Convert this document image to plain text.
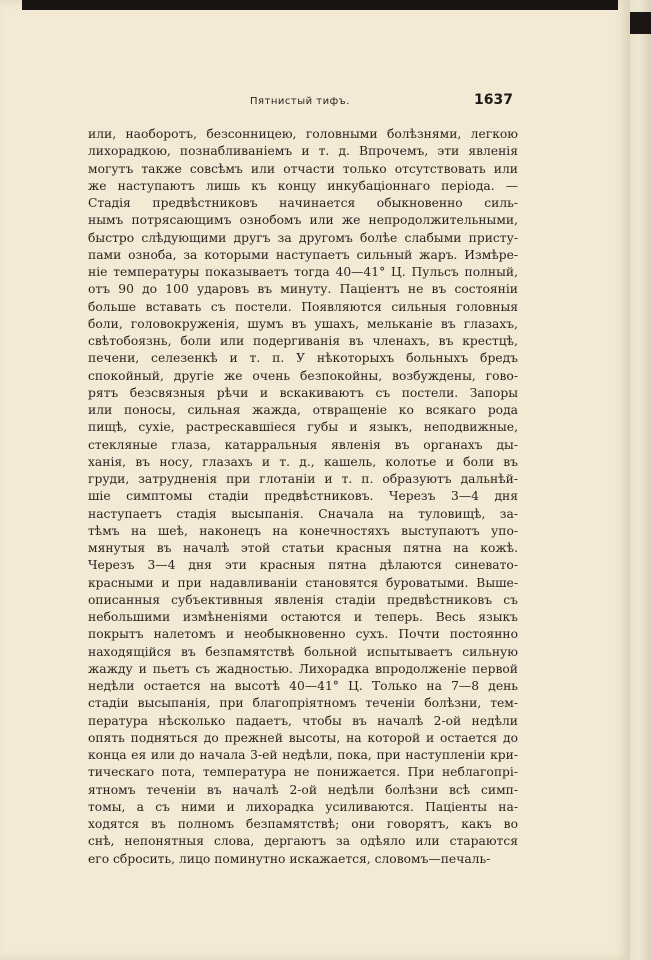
Пятнистый тифъ.	1637
или, наоборотъ, безсонницею, головными болѣзнями, легкою
лихорадкою, познабливаніемъ и т. д. Впрочемъ, эти явленія
могутъ также совсѣмъ или отчасти только отсутствовать или
же наступаютъ лишь къ концу инкубаціоннаго періода. —
Стадія предвѣстниковъ начинается обыкновенно силь-
нымъ потрясающимъ ознобомъ или же непродолжительными,
быстро слѣдующими другъ за другомъ болѣе слабыми присту-
пами озноба, за которыми наступаетъ сильный жаръ. Измѣре-
ніе температуры показываетъ тогда 40—41° Ц. Пульсъ полный,
отъ 90 до 100 ударовъ въ минуту. Паціентъ не въ состояніи
больше вставать съ постели. Появляются сильныя головныя
боли, головокруженія, шумъ въ ушахъ, мельканіе въ глазахъ,
свѣтобоязнь, боли или подергиванія въ членахъ, въ крестцѣ,
печени, селезенкѣ и т. п. У нѣкоторыхъ больныхъ бредъ
спокойный, другіе же очень безпокойны, возбуждены, гово-
рятъ безсвязныя рѣчи и вскакиваютъ съ постели. Запоры
или поносы, сильная жажда, отвращеніе ко всякаго рода
пищѣ, сухіе, растрескавшіеся губы и языкъ, неподвижные,
стекляные глаза, катарральныя явленія въ органахъ ды-
ханія, въ носу, глазахъ и т. д., кашель, колотье и боли въ
груди, затрудненія при глотаніи и т. п. образуютъ дальнѣй-
шіе симптомы стадіи предвѣстниковъ. Черезъ 3—4 дня
наступаетъ стадія высыпанія. Сначала на туловищѣ, за-
тѣмъ на шеѣ, наконецъ на конечностяхъ выступаютъ упо-
мянутыя въ началѣ этой статьи красныя пятна на кожѣ.
Черезъ 3—4 дня эти красныя пятна дѣлаются синевато-
красными и при надавливаніи становятся буроватыми. Выше-
описанныя субъективныя явленія стадіи предвѣстниковъ съ
небольшими измѣненіями остаются и теперь. Весь языкъ
покрытъ налетомъ и необыкновенно сухъ. Почти постоянно
находящійся въ безпамятствѣ больной испытываетъ сильную
жажду и пьетъ съ жадностью. Лихорадка впродолженіе первой
недѣли остается на высотѣ 40—41° Ц. Только на 7—8 день
стадіи высыпанія, при благопріятномъ теченіи болѣзни, тем-
пература нѣсколько падаетъ, чтобы въ началѣ 2-ой недѣли
опять подняться до прежней высоты, на которой и остается до
конца ея или до начала 3-ей недѣли, пока, при наступленіи кри-
тическаго пота, температура не понижается. При неблагопрі-
ятномъ теченіи въ началѣ 2-ой недѣли болѣзни всѣ симп-
томы, а съ ними и лихорадка усиливаются. Паціенты на-
ходятся въ полномъ безпамятствѣ; они говорятъ, какъ во
снѣ, непонятныя слова, дергаютъ за одѣяло или стараются
его сбросить, лицо поминутно искажается, словомъ—печаль-
